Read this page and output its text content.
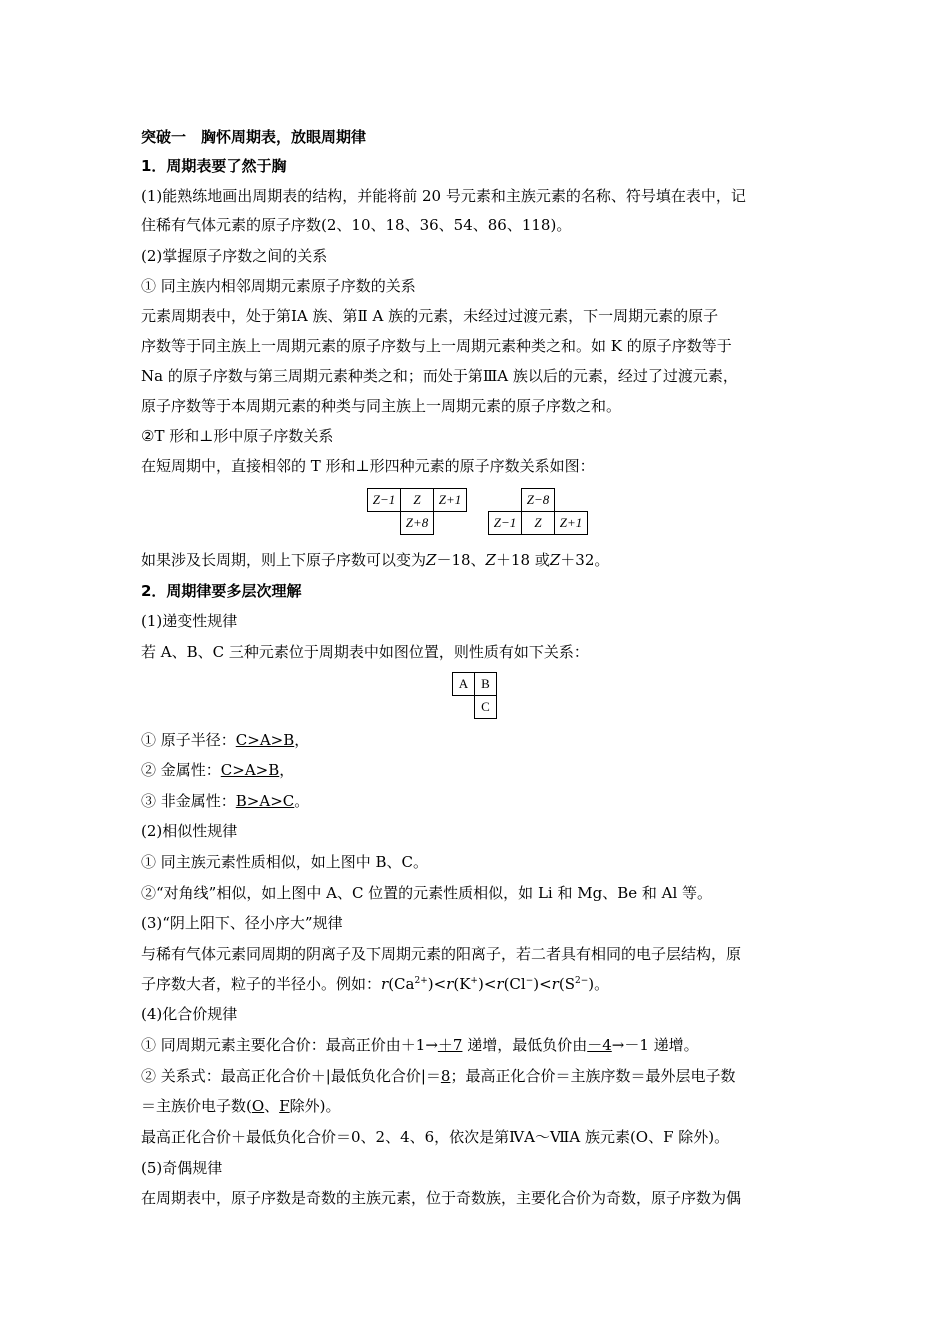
突破一　胸怀周期表，放眼周期律
1．周期表要了然于胸
(1)能熟练地画出周期表的结构，并能将前 20 号元素和主族元素的名称、符号填在表中，记
住稀有气体元素的原子序数(2、10、18、36、54、86、118)。
(2)掌握原子序数之间的关系
① 同主族内相邻周期元素原子序数的关系
元素周期表中，处于第ⅠA 族、第Ⅱ A 族的元素，未经过过渡元素，下一周期元素的原子
序数等于同主族上一周期元素的原子序数与上一周期元素种类之和。如 K 的原子序数等于
Na 的原子序数与第三周期元素种类之和；而处于第ⅢA 族以后的元素，经过了过渡元素，
原子序数等于本周期元素的种类与同主族上一周期元素的原子序数之和。
②T 形和⊥形中原子序数关系
在短周期中，直接相邻的 T 形和⊥形四种元素的原子序数关系如图：
Z−1	Z	Z+1
	Z+8	
	Z−8	
Z−1	Z	Z+1
如果涉及长周期，则上下原子序数可以变为Z－18、Z＋18 或Z＋32。
2．周期律要多层次理解
(1)递变性规律
若 A、B、C 三种元素位于周期表中如图位置，则性质有如下关系：
A	B
	C
① 原子半径：C>A>B，
② 金属性：C>A>B，
③ 非金属性：B>A>C。
(2)相似性规律
① 同主族元素性质相似，如上图中 B、C。
②“对角线”相似，如上图中 A、C 位置的元素性质相似，如 Li 和 Mg、Be 和 Al 等。
(3)“阴上阳下、径小序大”规律
与稀有气体元素同周期的阴离子及下周期元素的阳离子，若二者具有相同的电子层结构，原
子序数大者，粒子的半径小。例如：$r(Ca^{2+})<r(K^+)<r(Cl^-)<r(S^{2-})$。
(4)化合价规律
① 同周期元素主要化合价：最高正价由＋1→＋7 递增，最低负价由－4→－1 递增。
② 关系式：最高正化合价＋|最低负化合价|＝8；最高正化合价＝主族序数＝最外层电子数
＝主族价电子数(O、F除外)。
最高正化合价＋最低负化合价＝0、2、4、6，依次是第ⅣA～ⅦA 族元素(O、F 除外)。
(5)奇偶规律
在周期表中，原子序数是奇数的主族元素，位于奇数族，主要化合价为奇数，原子序数为偶
